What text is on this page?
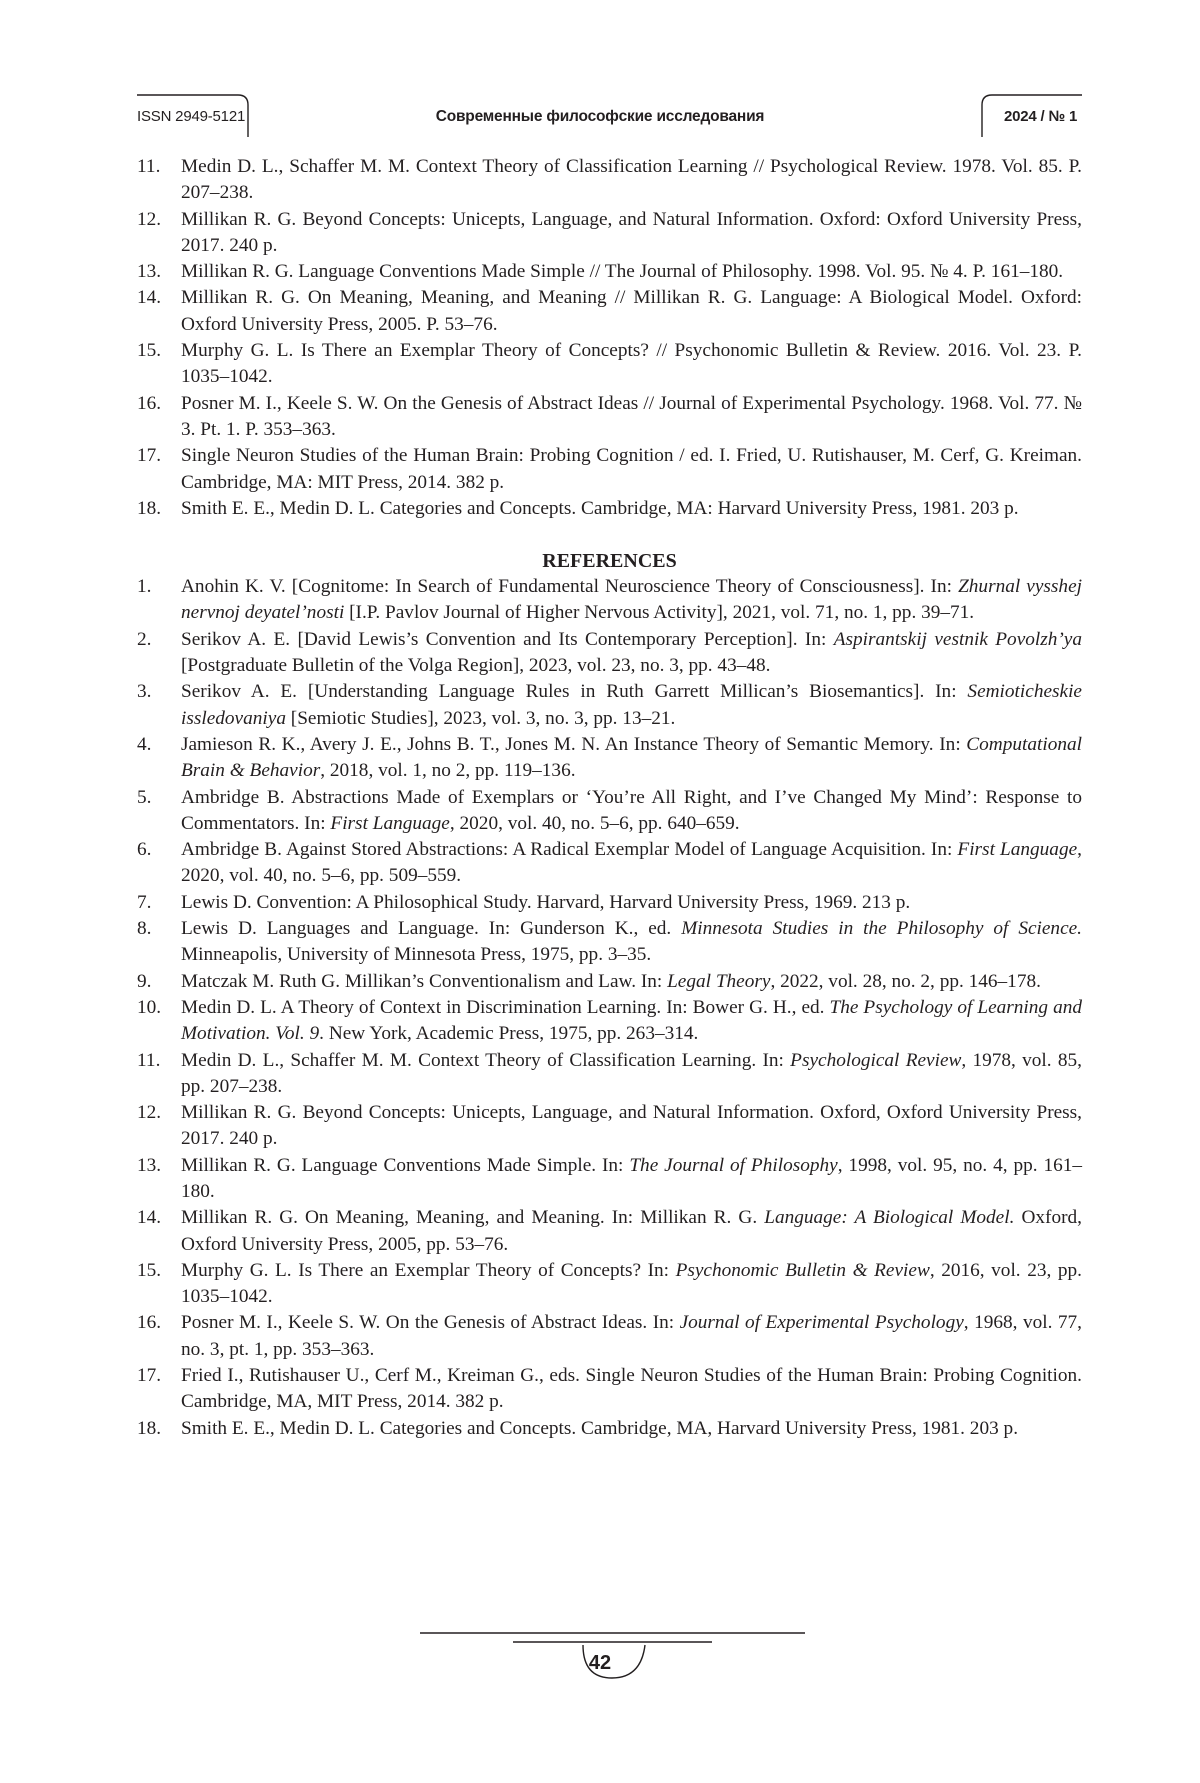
ISSN 2949-5121	Современные философские исследования	2024 / № 1
11. Medin D. L., Schaffer M. M. Context Theory of Classification Learning // Psychological Review. 1978. Vol. 85. P. 207–238.
12. Millikan R. G. Beyond Concepts: Unicepts, Language, and Natural Information. Oxford: Oxford University Press, 2017. 240 p.
13. Millikan R. G. Language Conventions Made Simple // The Journal of Philosophy. 1998. Vol. 95. № 4. P. 161–180.
14. Millikan R. G. On Meaning, Meaning, and Meaning // Millikan R. G. Language: A Biological Model. Oxford: Oxford University Press, 2005. P. 53–76.
15. Murphy G. L. Is There an Exemplar Theory of Concepts? // Psychonomic Bulletin & Review. 2016. Vol. 23. P. 1035–1042.
16. Posner M. I., Keele S. W. On the Genesis of Abstract Ideas // Journal of Experimental Psychology. 1968. Vol. 77. № 3. Pt. 1. P. 353–363.
17. Single Neuron Studies of the Human Brain: Probing Cognition / ed. I. Fried, U. Rutishauser, M. Cerf, G. Kreiman. Cambridge, MA: MIT Press, 2014. 382 p.
18. Smith E. E., Medin D. L. Categories and Concepts. Cambridge, MA: Harvard University Press, 1981. 203 p.
REFERENCES
1. Anohin K. V. [Cognitome: In Search of Fundamental Neuroscience Theory of Consciousness]. In: Zhurnal vysshej nervnoj deyatel’nosti [I.P. Pavlov Journal of Higher Nervous Activity], 2021, vol. 71, no. 1, pp. 39–71.
2. Serikov A. E. [David Lewis’s Convention and Its Contemporary Perception]. In: Aspirantskij vestnik Povolzh’ya [Postgraduate Bulletin of the Volga Region], 2023, vol. 23, no. 3, pp. 43–48.
3. Serikov A. E. [Understanding Language Rules in Ruth Garrett Millican’s Biosemantics]. In: Semioticheskie issledovaniya [Semiotic Studies], 2023, vol. 3, no. 3, pp. 13–21.
4. Jamieson R. K., Avery J. E., Johns B. T., Jones M. N. An Instance Theory of Semantic Memory. In: Computational Brain & Behavior, 2018, vol. 1, no 2, pp. 119–136.
5. Ambridge B. Abstractions Made of Exemplars or ‘You’re All Right, and I’ve Changed My Mind’: Response to Commentators. In: First Language, 2020, vol. 40, no. 5–6, pp. 640–659.
6. Ambridge B. Against Stored Abstractions: A Radical Exemplar Model of Language Acquisition. In: First Language, 2020, vol. 40, no. 5–6, pp. 509–559.
7. Lewis D. Convention: A Philosophical Study. Harvard, Harvard University Press, 1969. 213 p.
8. Lewis D. Languages and Language. In: Gunderson K., ed. Minnesota Studies in the Philosophy of Science. Minneapolis, University of Minnesota Press, 1975, pp. 3–35.
9. Matczak M. Ruth G. Millikan’s Conventionalism and Law. In: Legal Theory, 2022, vol. 28, no. 2, pp. 146–178.
10. Medin D. L. A Theory of Context in Discrimination Learning. In: Bower G. H., ed. The Psychology of Learning and Motivation. Vol. 9. New York, Academic Press, 1975, pp. 263–314.
11. Medin D. L., Schaffer M. M. Context Theory of Classification Learning. In: Psychological Review, 1978, vol. 85, pp. 207–238.
12. Millikan R. G. Beyond Concepts: Unicepts, Language, and Natural Information. Oxford, Oxford University Press, 2017. 240 p.
13. Millikan R. G. Language Conventions Made Simple. In: The Journal of Philosophy, 1998, vol. 95, no. 4, pp. 161–180.
14. Millikan R. G. On Meaning, Meaning, and Meaning. In: Millikan R. G. Language: A Biological Model. Oxford, Oxford University Press, 2005, pp. 53–76.
15. Murphy G. L. Is There an Exemplar Theory of Concepts? In: Psychonomic Bulletin & Review, 2016, vol. 23, pp. 1035–1042.
16. Posner M. I., Keele S. W. On the Genesis of Abstract Ideas. In: Journal of Experimental Psychology, 1968, vol. 77, no. 3, pt. 1, pp. 353–363.
17. Fried I., Rutishauser U., Cerf M., Kreiman G., eds. Single Neuron Studies of the Human Brain: Probing Cognition. Cambridge, MA, MIT Press, 2014. 382 p.
18. Smith E. E., Medin D. L. Categories and Concepts. Cambridge, MA, Harvard University Press, 1981. 203 p.
42
